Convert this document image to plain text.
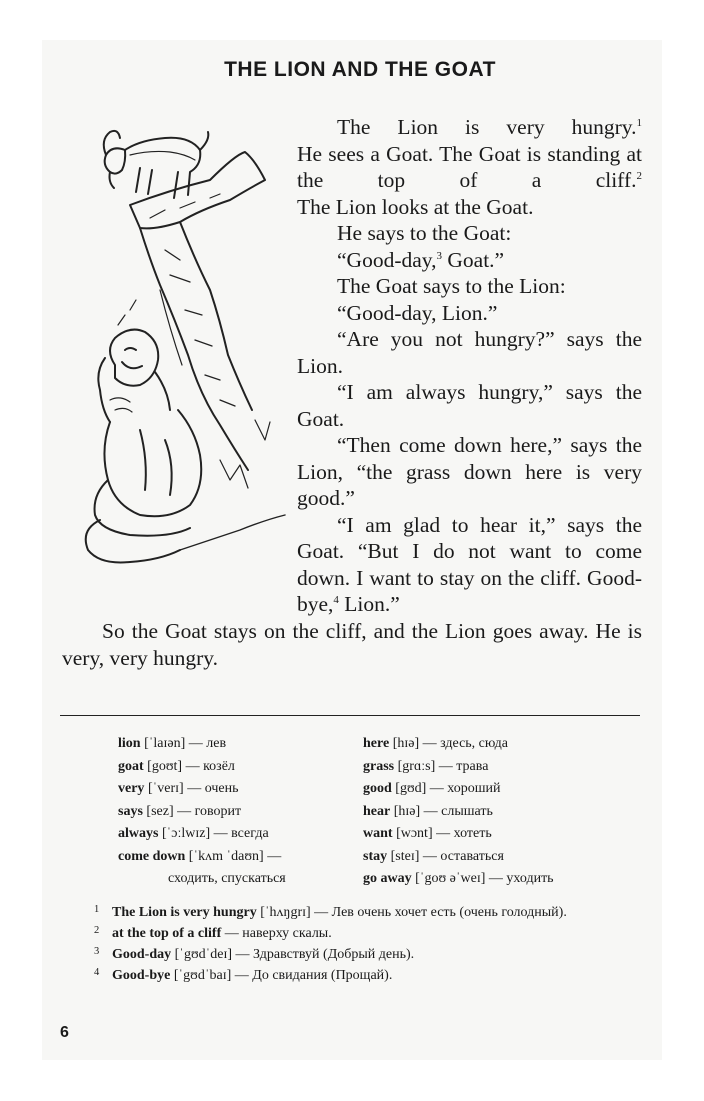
THE LION AND THE GOAT

The Lion is very hungry.$^1$

He sees a Goat. The Goat is standing at the top of a cliff.$^2$

The Lion looks at the Goat.

He says to the Goat:

“Good-day,$^3$ Goat.”

The Goat says to the Lion:

“Good-day, Lion.”

“Are you not hungry?” says the Lion.

“I am always hungry,” says the Goat.

“Then come down here,” says the Lion, “the grass down here is very good.”

“I am glad to hear it,” says the Goat. “But I do not want to come down. I want to stay on the cliff. Good-bye,$^4$ Lion.”

So the Goat stays on the cliff, and the Lion goes away. He is very, very hungry.

lion [ˈlaɪən] — лев
goat [goʊt] — козёл
very [ˈverɪ] — очень
says [sez] — говорит
always [ˈɔːlwɪz] — всегда
come down [ˈkʌm ˈdaʊn] —
сходить, спускаться
here [hɪə] — здесь, сюда
grass [grɑːs] — трава
good [gʊd] — хороший
hear [hɪə] — слышать
want [wɔnt] — хотеть
stay [steɪ] — оставаться
go away [ˈgoʊ əˈweɪ] — уходить
1 The Lion is very hungry [ˈhʌŋgrɪ] — Лев очень хочет есть (очень голодный).
2 at the top of a cliff — наверху скалы.
3 Good-day [ˈgʊdˈdeɪ] — Здравствуй (Добрый день).
4 Good-bye [ˈgʊdˈbaɪ] — До свидания (Прощай).
6
